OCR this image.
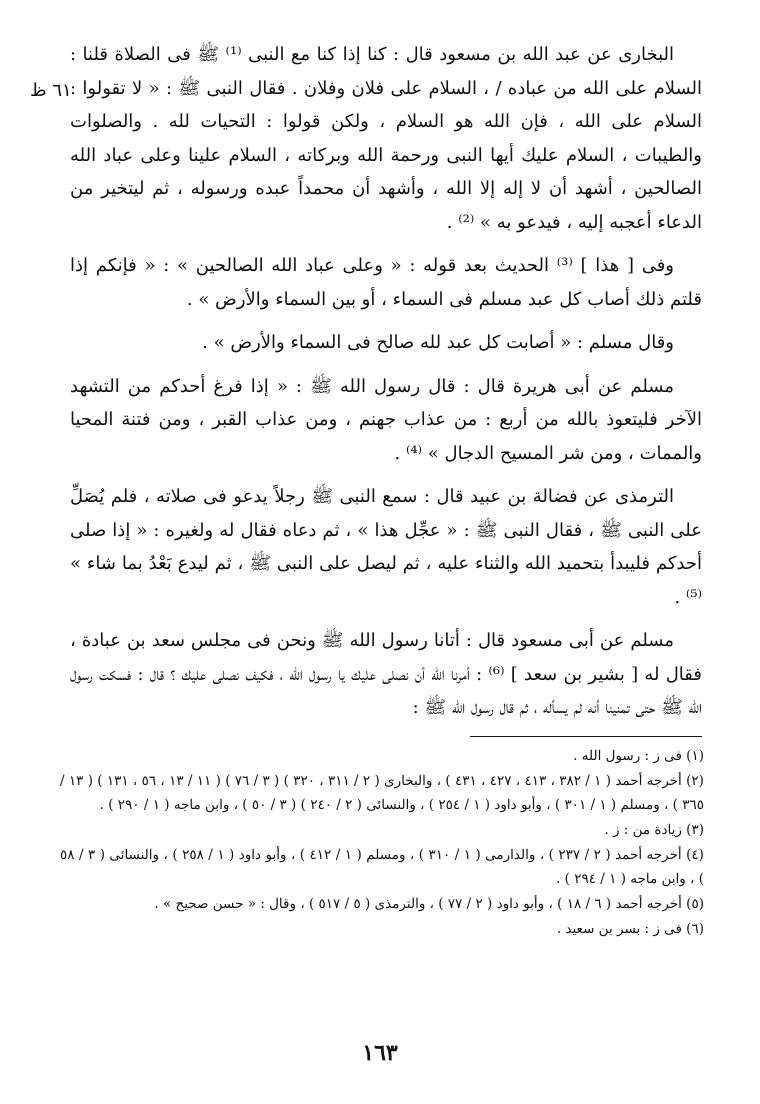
٦١ ظ

البخارى عن عبد الله بن مسعود قال : كنا إذا كنا مع النبى ⁽¹⁾ ﷺ فى الصلاة قلنا : السلام على الله من عباده / ، السلام على فلان وفلان . فقال النبى ﷺ : « لا تقولوا : السلام على الله ، فإن الله هو السلام ، ولكن قولوا : التحيات لله . والصلوات والطيبات ، السلام عليك أيها النبى ورحمة الله وبركاته ، السلام علينا وعلى عباد الله الصالحين ، أشهد أن لا إله إلا الله ، وأشهد أن محمداً عبده ورسوله ، ثم ليتخير من الدعاء أعجبه إليه ، فيدعو به » ⁽²⁾ .

وفى [ هذا ] ⁽³⁾ الحديث بعد قوله : « وعلى عباد الله الصالحين » : « فإنكم إذا قلتم ذلك أصاب كل عبد مسلم فى السماء ، أو بين السماء والأرض » .

وقال مسلم : « أصابت كل عبد لله صالح فى السماء والأرض » .

مسلم عن أبى هريرة قال : قال رسول الله ﷺ : « إذا فرغ أحدكم من التشهد الآخر فليتعوذ بالله من أربع : من عذاب جهنم ، ومن عذاب القبر ، ومن فتنة المحيا والممات ، ومن شر المسيح الدجال » ⁽⁴⁾ .

الترمذى عن فضالة بن عبيد قال : سمع النبى ﷺ رجلاً يدعو فى صلاته ، فلم يُصَلِّ على النبى ﷺ ، فقال النبى ﷺ : « عجِّل هذا » ، ثم دعاه فقال له ولغيره : « إذا صلى أحدكم فليبدأ بتحميد الله والثناء عليه ، ثم ليصل على النبى ﷺ ، ثم ليدع بَعْدُ بما شاء » ⁽⁵⁾ .

مسلم عن أبى مسعود قال : أتانا رسول الله ﷺ ونحن فى مجلس سعد بن عبادة ، فقال له [ بشير بن سعد ] ⁽⁶⁾ : أمرنا الله أن نصلى عليك يا رسول الله ، فكيف نصلى عليك ؟ قال : فسكت رسول الله ﷺ حتى تمنينا أنه لم يسأله ، ثم قال رسول الله ﷺ :

(١) فى ز : رسول الله .

(٢) أخرجه أحمد ( ١ / ٣٨٢ ، ٤١٣ ، ٤٢٧ ، ٤٣١ ) ، والبخارى ( ٢ / ٣١١ ، ٣٢٠ ) ( ٣ / ٧٦ ) ( ١١ / ١٣ ، ٥٦ ، ١٣١ ) ( ١٣ / ٣٦٥ ) ، ومسلم ( ١ / ٣٠١ ) ، وأبو داود ( ١ / ٢٥٤ ) ، والنسائى ( ٢ / ٢٤٠ ) ( ٣ / ٥٠ ) ، وابن ماجه ( ١ / ٢٩٠ ) .

(٣) زيادة من : ز .

(٤) أخرجه أحمد ( ٢ / ٢٣٧ ) ، والدارمى ( ١ / ٣١٠ ) ، ومسلم ( ١ / ٤١٢ ) ، وأبو داود ( ١ / ٢٥٨ ) ، والنسائى ( ٣ / ٥٨ ) ، وابن ماجه ( ١ / ٢٩٤ ) .

(٥) أخرجه أحمد ( ٦ / ١٨ ) ، وأبو داود ( ٢ / ٧٧ ) ، والترمذى ( ٥ / ٥١٧ ) ، وقال : « حسن صحيح » .

(٦) فى ز : بسر بن سعيد .

١٦٣
